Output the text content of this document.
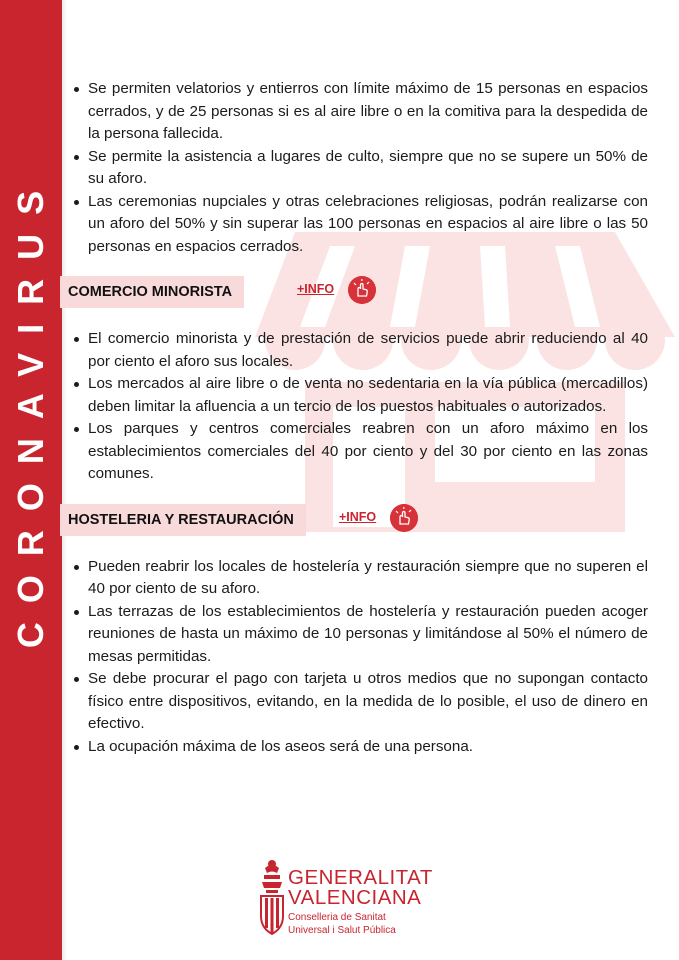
CORONAVIRUS
Se permiten velatorios y entierros con límite máximo de 15 personas en espacios cerrados, y de 25 personas si es al aire libre o en la comitiva para la despedida de la persona fallecida.
Se permite la asistencia a lugares de culto, siempre que no se supere un 50% de su aforo.
Las ceremonias nupciales y otras celebraciones religiosas, podrán realizarse con un aforo del 50% y sin superar las 100 personas en espacios al aire libre o las 50 personas en espacios cerrados.
COMERCIO MINORISTA	+INFO
El comercio minorista y de prestación de servicios puede abrir reduciendo al 40 por ciento el aforo sus locales.
Los mercados al aire libre o de venta no sedentaria en la vía pública (mercadillos) deben limitar la afluencia a un tercio de los puestos habituales o autorizados.
Los parques y centros comerciales reabren con un aforo máximo en los establecimientos comerciales del 40 por ciento y del 30 por ciento en las zonas comunes.
HOSTELERIA Y RESTAURACIÓN	+INFO
Pueden reabrir los locales de hostelería y restauración siempre que no superen el 40 por ciento de su aforo.
Las terrazas de los establecimientos de hostelería y restauración pueden acoger reuniones de hasta un máximo de 10 personas y limitándose al 50% el número de mesas permitidas.
Se debe procurar el pago con tarjeta u otros medios que no supongan contacto físico entre dispositivos, evitando, en la medida de lo posible, el uso de dinero en efectivo.
La ocupación máxima de los aseos será de una persona.
GENERALITAT
VALENCIANA
Conselleria de Sanitat
Universal i Salut Pública
